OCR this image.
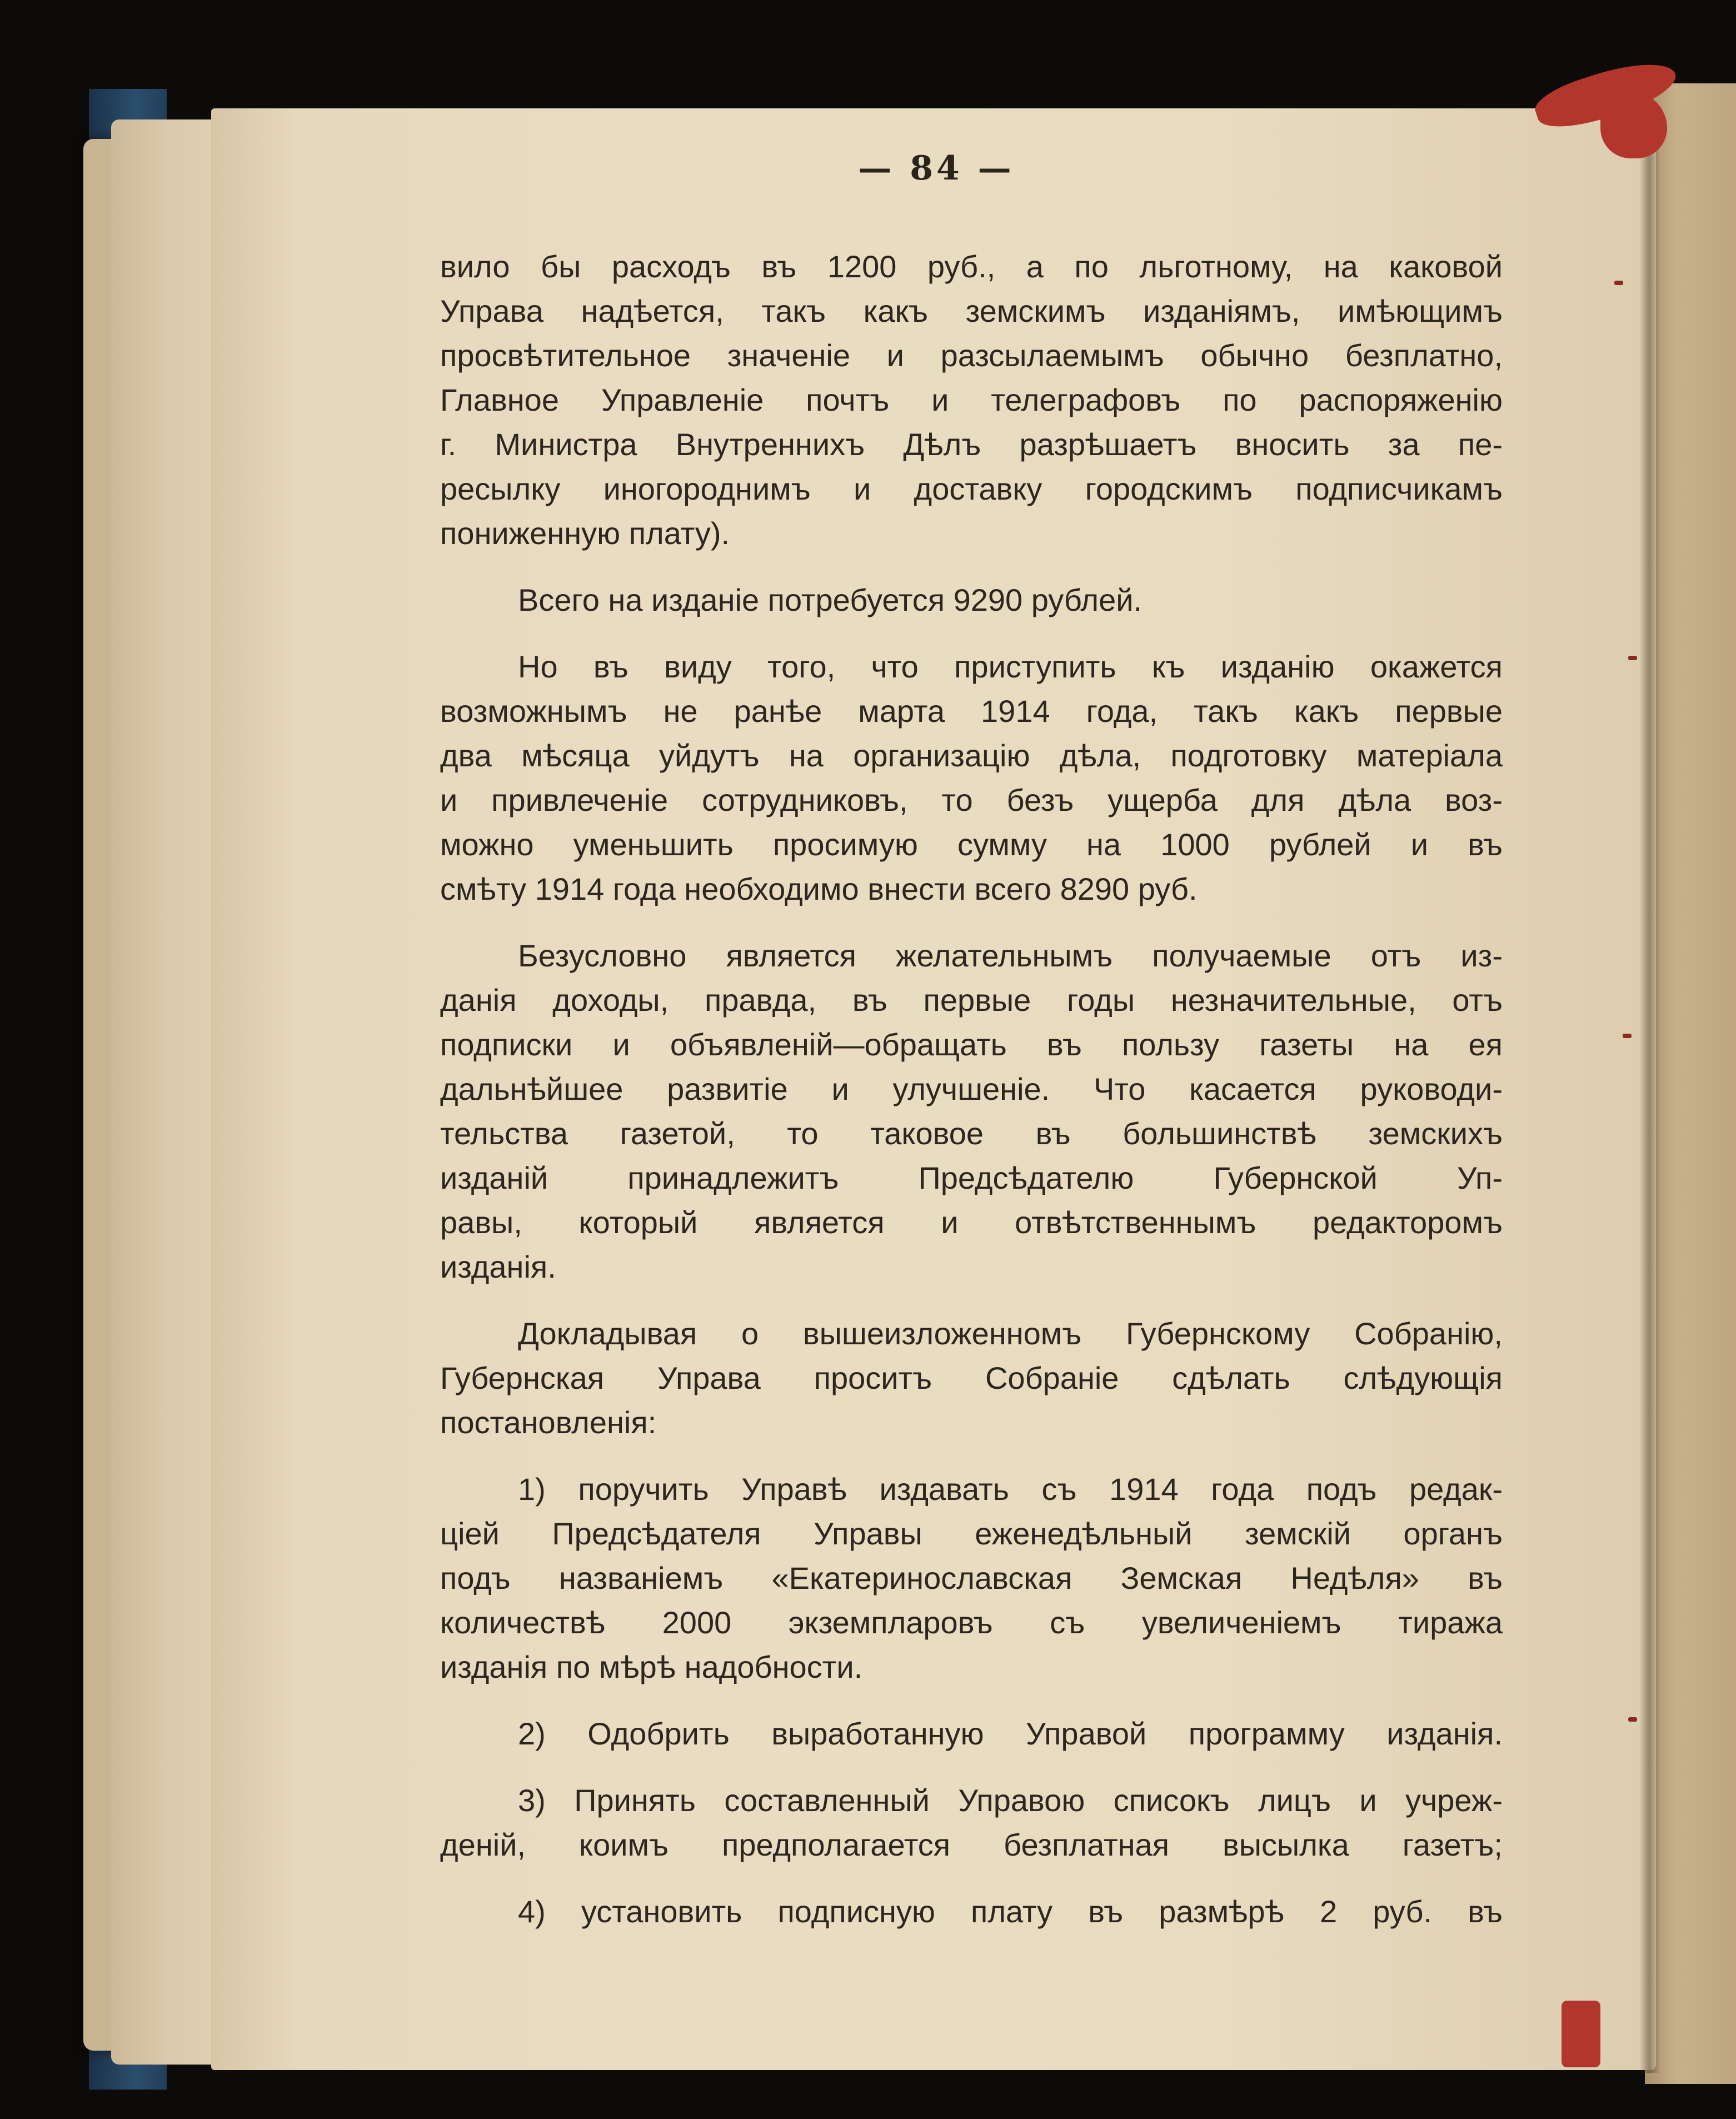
— 84 —
вило бы расходъ въ 1200 руб., а по льготному, на каковой
Управа надѣется, такъ какъ земскимъ изданіямъ, имѣющимъ
просвѣтительное значеніе и разсылаемымъ обычно безплатно,
Главное Управленіе почтъ и телеграфовъ по распоряженію
г. Министра Внутреннихъ Дѣлъ разрѣшаетъ вносить за пе-
ресылку иногороднимъ и доставку городскимъ подписчикамъ
пониженную плату).
Всего на изданіе потребуется 9290 рублей.
Но въ виду того, что приступить къ изданію окажется
возможнымъ не ранѣе марта 1914 года, такъ какъ первые
два мѣсяца уйдутъ на организацію дѣла, подготовку матеріала
и привлеченіе сотрудниковъ, то безъ ущерба для дѣла воз-
можно уменьшить просимую сумму на 1000 рублей и въ
смѣту 1914 года необходимо внести всего 8290 руб.
Безусловно является желательнымъ получаемые отъ из-
данія доходы, правда, въ первые годы незначительные, отъ
подписки и объявленій—обращать въ пользу газеты на ея
дальнѣйшее развитіе и улучшеніе. Что касается руководи-
тельства газетой, то таковое въ большинствѣ земскихъ
изданій принадлежитъ Предсѣдателю Губернской Уп-
равы, который является и отвѣтственнымъ редакторомъ
изданія.
Докладывая о вышеизложенномъ Губернскому Собранію,
Губернская Управа проситъ Собраніе сдѣлать слѣдующія
постановленія:
1) поручить Управѣ издавать съ 1914 года подъ редак-
ціей Предсѣдателя Управы еженедѣльный земскій органъ
подъ названіемъ «Екатеринославская Земская Недѣля» въ
количествѣ 2000 экземпларовъ съ увеличеніемъ тиража
изданія по мѣрѣ надобности.
2) Одобрить выработанную Управой программу изданія.
3) Принять составленный Управою списокъ лицъ и учреж-
деній, коимъ предполагается безплатная высылка газетъ;
4) установить подписную плату въ размѣрѣ 2 руб. въ
